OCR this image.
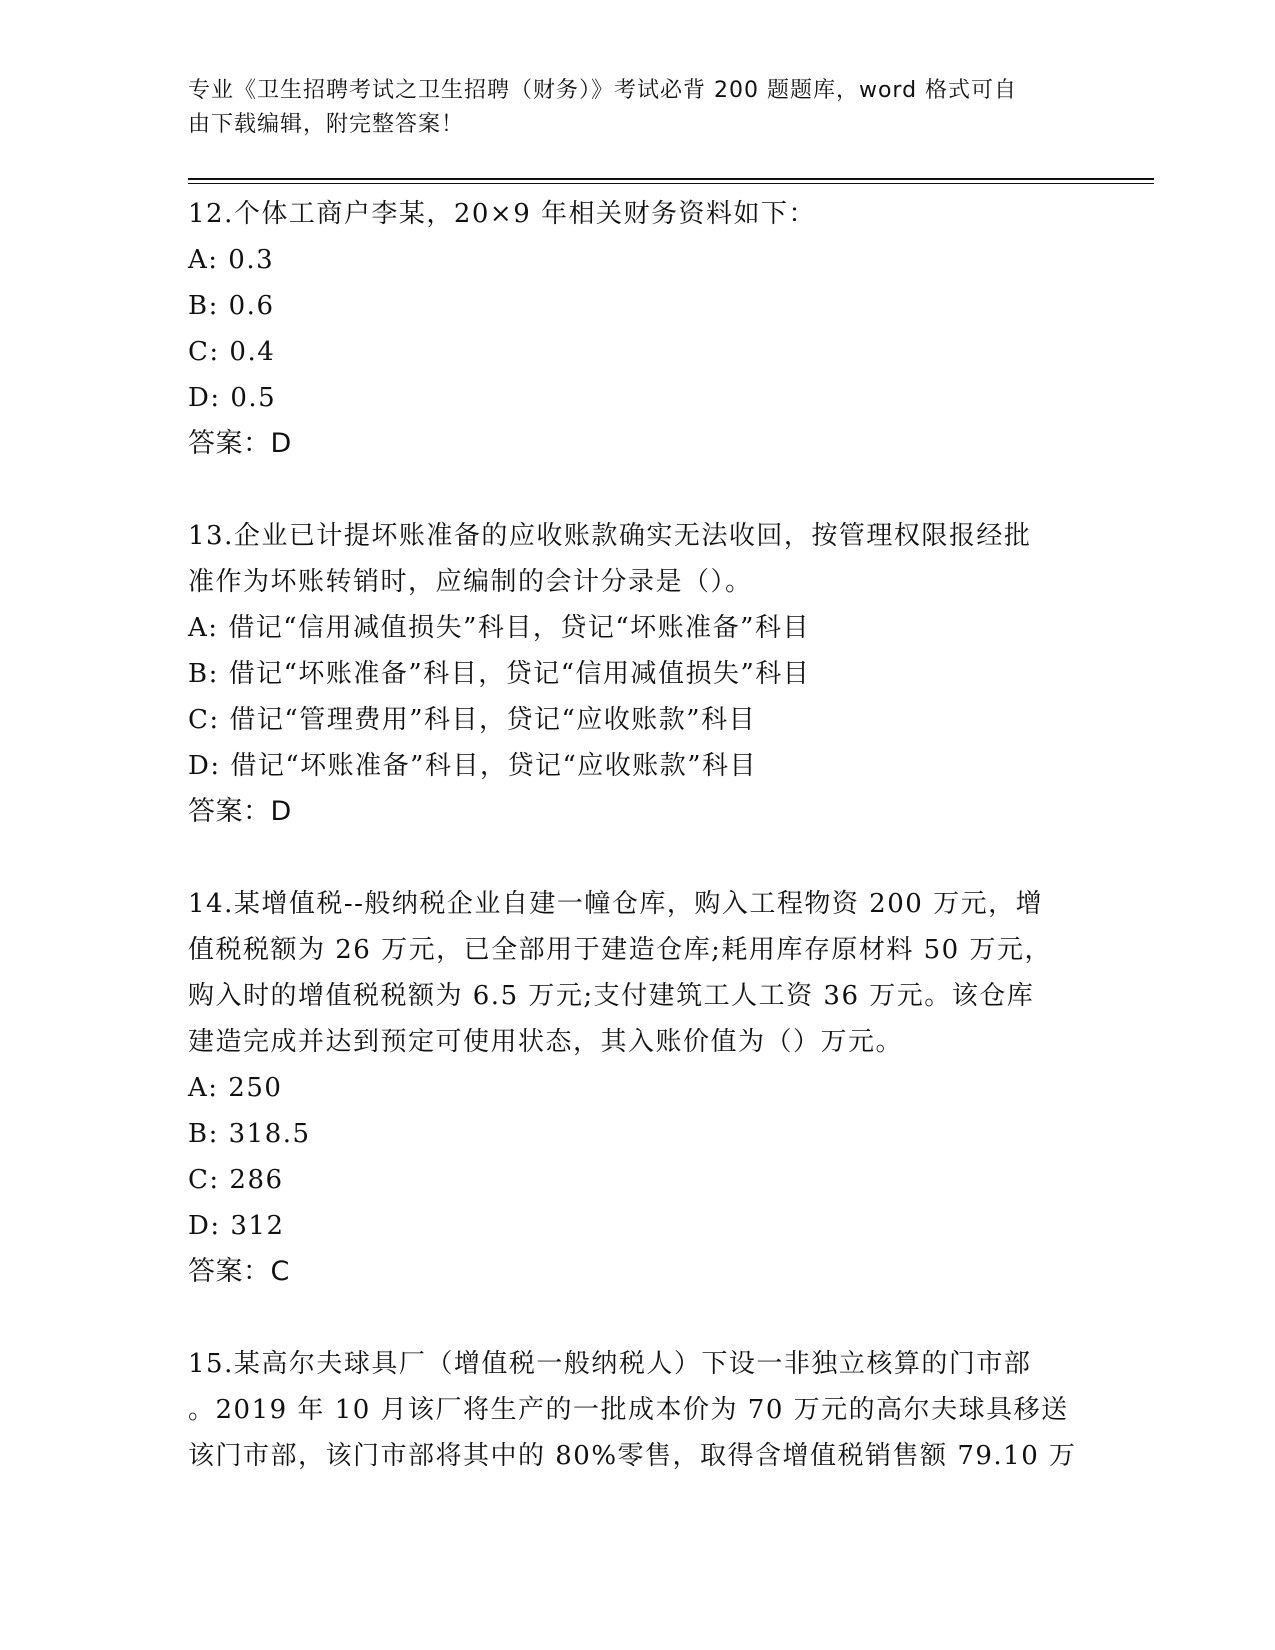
专业《卫生招聘考试之卫生招聘（财务）》考试必背 200 题题库，word 格式可自
由下载编辑，附完整答案！
12.个体工商户李某，20×9 年相关财务资料如下：
A: 0.3
B: 0.6
C: 0.4
D: 0.5
答案：D
13.企业已计提坏账准备的应收账款确实无法收回，按管理权限报经批
准作为坏账转销时，应编制的会计分录是（）。
A: 借记“信用减值损失”科目，贷记“坏账准备”科目
B: 借记“坏账准备”科目，贷记“信用减值损失”科目
C: 借记“管理费用”科目，贷记“应收账款”科目
D: 借记“坏账准备”科目，贷记“应收账款”科目
答案：D
14.某增值税--般纳税企业自建一幢仓库，购入工程物资 200 万元，增
值税税额为 26 万元，已全部用于建造仓库;耗用库存原材料 50 万元，
购入时的增值税税额为 6.5 万元;支付建筑工人工资 36 万元。该仓库
建造完成并达到预定可使用状态，其入账价值为（）万元。
A: 250
B: 318.5
C: 286
D: 312
答案：C
15.某高尔夫球具厂（增值税一般纳税人）下设一非独立核算的门市部
。2019 年 10 月该厂将生产的一批成本价为 70 万元的高尔夫球具移送
该门市部，该门市部将其中的 80%零售，取得含增值税销售额 79.10 万
